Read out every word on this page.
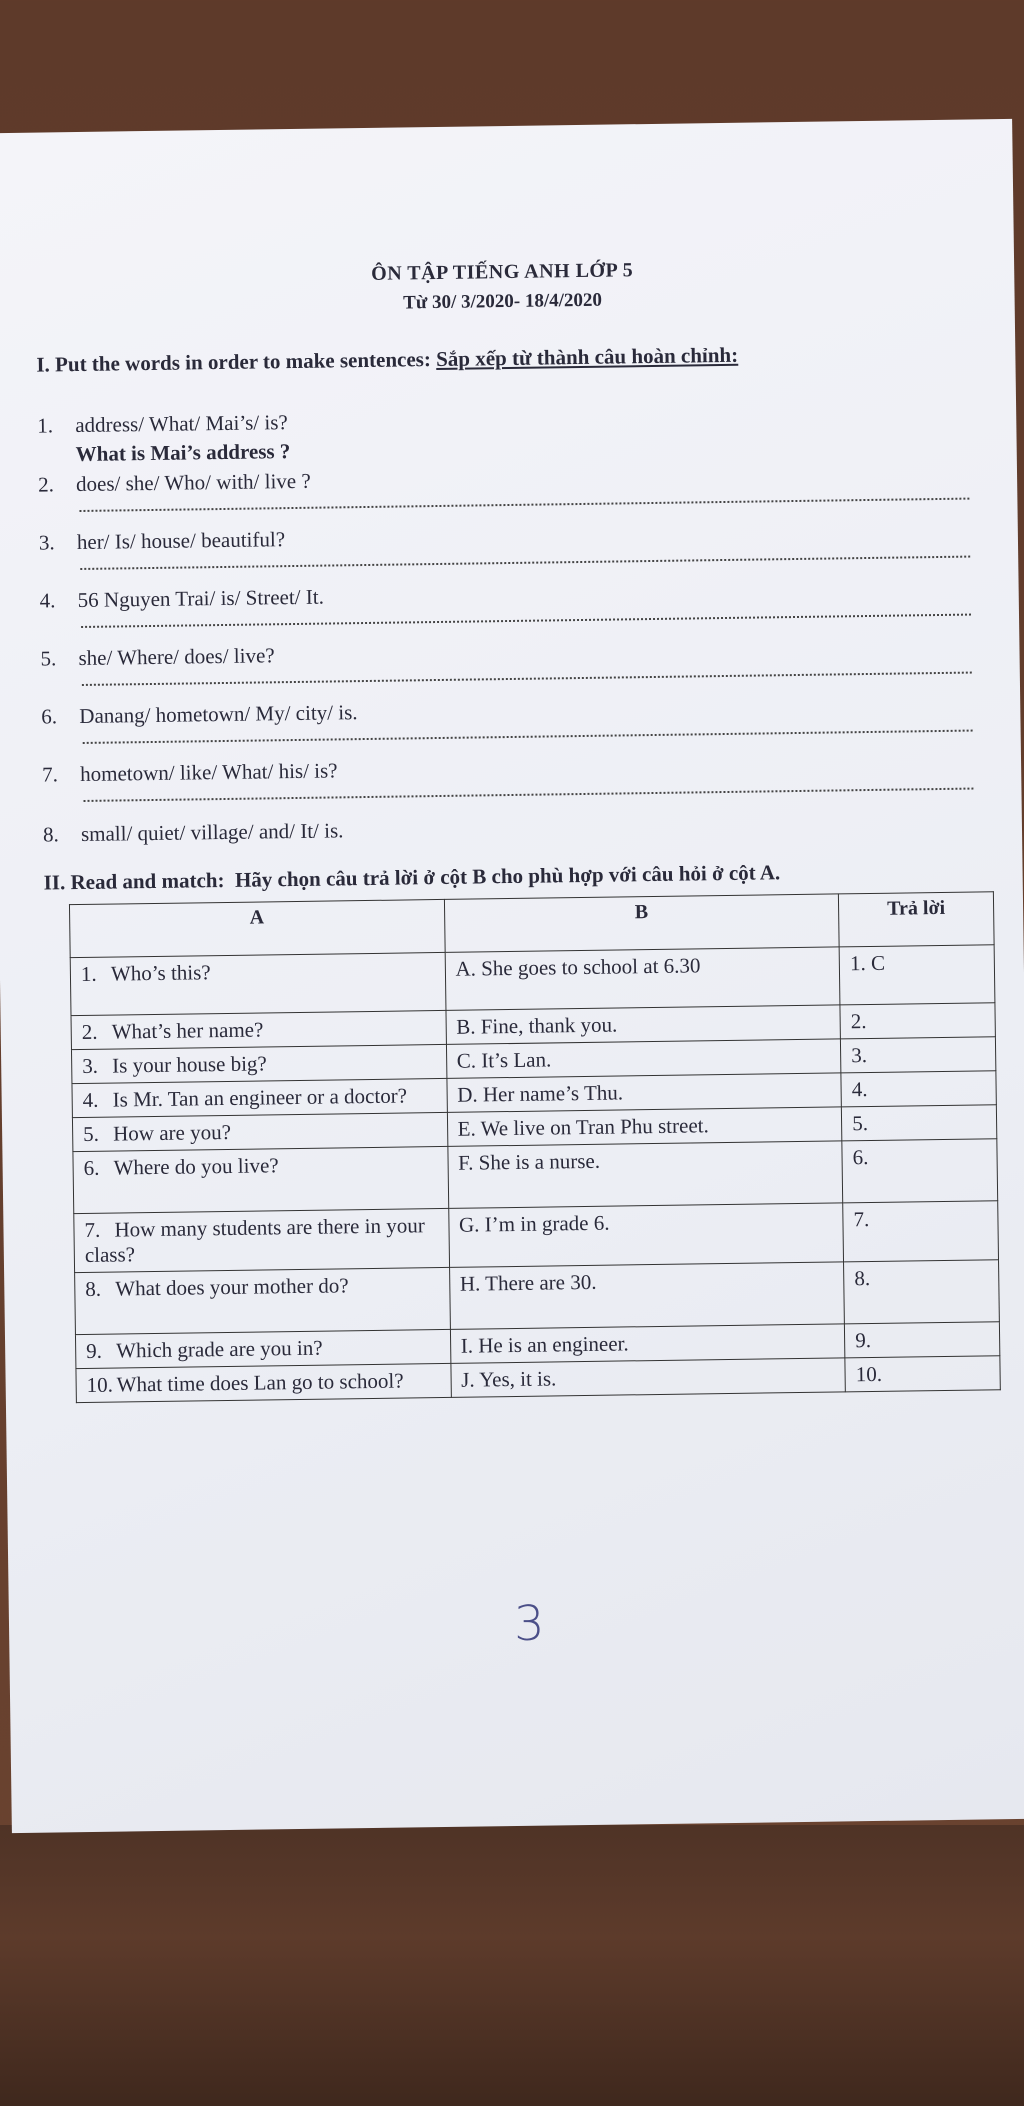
ÔN TẬP TIẾNG ANH LỚP 5
Từ 30/ 3/2020- 18/4/2020
I. Put the words in order to make sentences: Sắp xếp từ thành câu hoàn chỉnh:
1. address/ What/ Mai’s/ is?
What is Mai’s address ?
2. does/ she/ Who/ with/ live ?
3. her/ Is/ house/ beautiful?
4. 56 Nguyen Trai/ is/ Street/ It.
5. she/ Where/ does/ live?
6. Danang/ hometown/ My/ city/ is.
7. hometown/ like/ What/ his/ is?
8. small/ quiet/ village/ and/ It/ is.
II. Read and match: Hãy chọn câu trả lời ở cột B cho phù hợp với câu hỏi ở cột A.
A	B	Trả lời
1. Who’s this?	A. She goes to school at 6.30	1. C
2. What’s her name?	B. Fine, thank you.	2.
3. Is your house big?	C. It’s Lan.	3.
4. Is Mr. Tan an engineer or a doctor?	D. Her name’s Thu.	4.
5. How are you?	E. We live on Tran Phu street.	5.
6. Where do you live?	F. She is a nurse.	6.
7. How many students are there in your class?	G. I’m in grade 6.	7.
8. What does your mother do?	H. There are 30.	8.
9. Which grade are you in?	I. He is an engineer.	9.
10. What time does Lan go to school?	J. Yes, it is.	10.
3
